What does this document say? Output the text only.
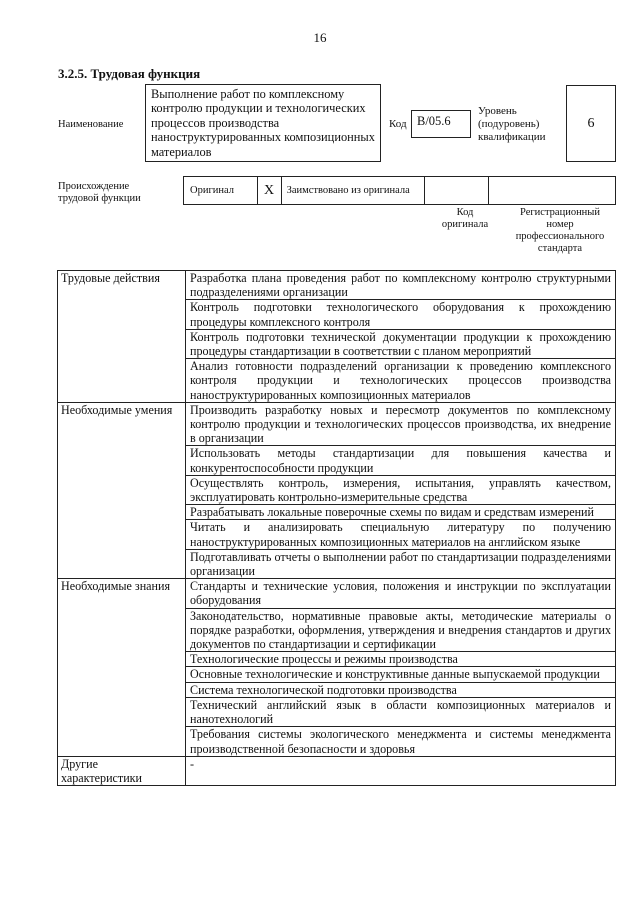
16
3.2.5. Трудовая функция
Наименование
Выполнение работ по комплексному контролю продукции и технологических процессов производства наноструктурированных композиционных материалов
Код B/05.6
Уровень
(подуровень)
квалификации
6
Происхождение
трудовой функции
Оригинал	X	Заимствовано из оригинала
Код
оригинала
Регистрационный
номер
профессионального
стандарта
Трудовые действия	Разработка плана проведения работ по комплексному контролю структурными подразделениями организации
	Контроль подготовки технологического оборудования к прохождению процедуры комплексного контроля
	Контроль подготовки технической документации продукции к прохождению процедуры стандартизации в соответствии с планом мероприятий
	Анализ готовности подразделений организации к проведению комплексного контроля продукции и технологических процессов производства наноструктурированных композиционных материалов
Необходимые умения	Производить разработку новых и пересмотр документов по комплексному контролю продукции и технологических процессов производства, их внедрение в организации
	Использовать методы стандартизации для повышения качества и конкурентоспособности продукции
	Осуществлять контроль, измерения, испытания, управлять качеством, эксплуатировать контрольно-измерительные средства
	Разрабатывать локальные поверочные схемы по видам и средствам измерений
	Читать и анализировать специальную литературу по получению наноструктурированных композиционных материалов на английском языке
	Подготавливать отчеты о выполнении работ по стандартизации подразделениями организации
Необходимые знания	Стандарты и технические условия, положения и инструкции по эксплуатации оборудования
	Законодательство, нормативные правовые акты, методические материалы о порядке разработки, оформления, утверждения и внедрения стандартов и других документов по стандартизации и сертификации
	Технологические процессы и режимы производства
	Основные технологические и конструктивные данные выпускаемой продукции
	Система технологической подготовки производства
	Технический английский язык в области композиционных материалов и нанотехнологий
	Требования системы экологического менеджмента и системы менеджмента производственной безопасности и здоровья
Другие характеристики	-
